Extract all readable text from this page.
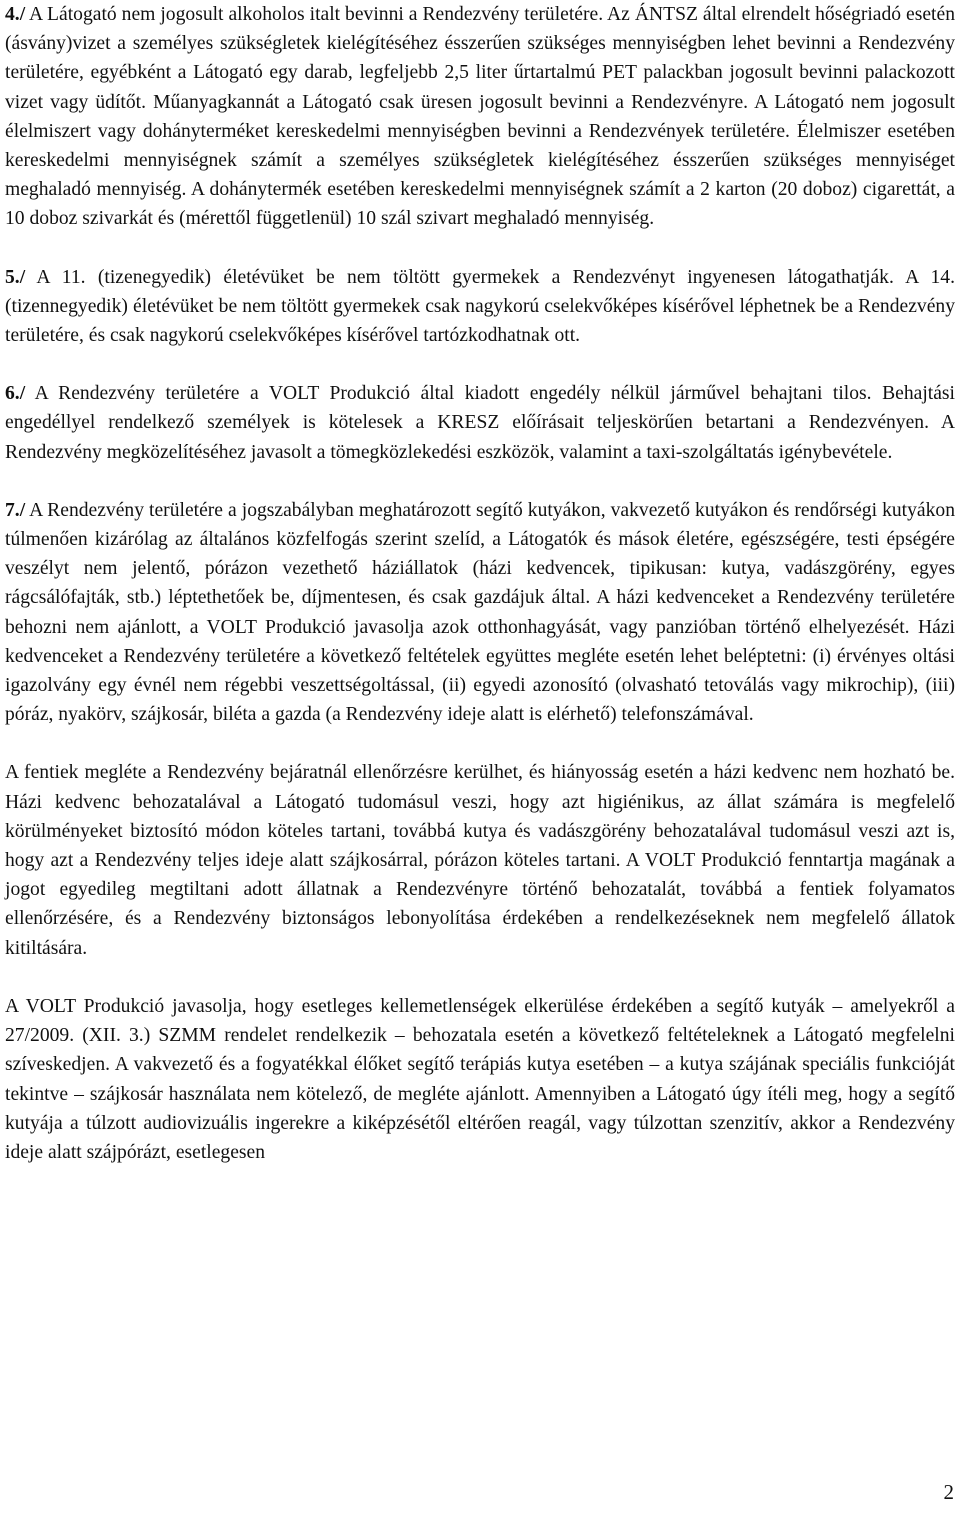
4./ A Látogató nem jogosult alkoholos italt bevinni a Rendezvény területére. Az ÁNTSZ által elrendelt hőségriadó esetén (ásvány)vizet a személyes szükségletek kielégítéséhez ésszerűen szükséges mennyiségben lehet bevinni a Rendezvény területére, egyébként a Látogató egy darab, legfeljebb 2,5 liter űrtartalmú PET palackban jogosult bevinni palackozott vizet vagy üdítőt. Műanyagkannát a Látogató csak üresen jogosult bevinni a Rendezvényre. A Látogató nem jogosult élelmiszert vagy dohányterméket kereskedelmi mennyiségben bevinni a Rendezvények területére. Élelmiszer esetében kereskedelmi mennyiségnek számít a személyes szükségletek kielégítéséhez ésszerűen szükséges mennyiséget meghaladó mennyiség. A dohánytermék esetében kereskedelmi mennyiségnek számít a 2 karton (20 doboz) cigarettát, a 10 doboz szivarkát és (mérettől függetlenül) 10 szál szivart meghaladó mennyiség.

5./ A 11. (tizenegyedik) életévüket be nem töltött gyermekek a Rendezvényt ingyenesen látogathatják. A 14. (tizennegyedik) életévüket be nem töltött gyermekek csak nagykorú cselekvőképes kísérővel léphetnek be a Rendezvény területére, és csak nagykorú cselekvőképes kísérővel tartózkodhatnak ott.

6./ A Rendezvény területére a VOLT Produkció által kiadott engedély nélkül járművel behajtani tilos. Behajtási engedéllyel rendelkező személyek is kötelesek a KRESZ előírásait teljeskörűen betartani a Rendezvényen. A Rendezvény megközelítéséhez javasolt a tömegközlekedési eszközök, valamint a taxi-szolgáltatás igénybevétele.

7./ A Rendezvény területére a jogszabályban meghatározott segítő kutyákon, vakvezető kutyákon és rendőrségi kutyákon túlmenően kizárólag az általános közfelfogás szerint szelíd, a Látogatók és mások életére, egészségére, testi épségére veszélyt nem jelentő, pórázon vezethető háziállatok (házi kedvencek, tipikusan: kutya, vadászgörény, egyes rágcsálófajták, stb.) léptethetőek be, díjmentesen, és csak gazdájuk által. A házi kedvenceket a Rendezvény területére behozni nem ajánlott, a VOLT Produkció javasolja azok otthonhagyását, vagy panzióban történő elhelyezését. Házi kedvenceket a Rendezvény területére a következő feltételek együttes megléte esetén lehet beléptetni: (i) érvényes oltási igazolvány egy évnél nem régebbi veszettségoltással, (ii) egyedi azonosító (olvasható tetoválás vagy mikrochip), (iii) póráz, nyakörv, szájkosár, biléta a gazda (a Rendezvény ideje alatt is elérhető) telefonszámával.

A fentiek megléte a Rendezvény bejáratnál ellenőrzésre kerülhet, és hiányosság esetén a házi kedvenc nem hozható be. Házi kedvenc behozatalával a Látogató tudomásul veszi, hogy azt higiénikus, az állat számára is megfelelő körülményeket biztosító módon köteles tartani, továbbá kutya és vadászgörény behozatalával tudomásul veszi azt is, hogy azt a Rendezvény teljes ideje alatt szájkosárral, pórázon köteles tartani. A VOLT Produkció fenntartja magának a jogot egyedileg megtiltani adott állatnak a Rendezvényre történő behozatalát, továbbá a fentiek folyamatos ellenőrzésére, és a Rendezvény biztonságos lebonyolítása érdekében a rendelkezéseknek nem megfelelő állatok kitiltására.

A VOLT Produkció javasolja, hogy esetleges kellemetlenségek elkerülése érdekében a segítő kutyák – amelyekről a 27/2009. (XII. 3.) SZMM rendelet rendelkezik – behozatala esetén a következő feltételeknek a Látogató megfelelni szíveskedjen. A vakvezető és a fogyatékkal élőket segítő terápiás kutya esetében – a kutya szájának speciális funkcióját tekintve – szájkosár használata nem kötelező, de megléte ajánlott. Amennyiben a Látogató úgy ítéli meg, hogy a segítő kutyája a túlzott audiovizuális ingerekre a kiképzésétől eltérően reagál, vagy túlzottan szenzitív, akkor a Rendezvény ideje alatt szájpórázt, esetlegesen

2
